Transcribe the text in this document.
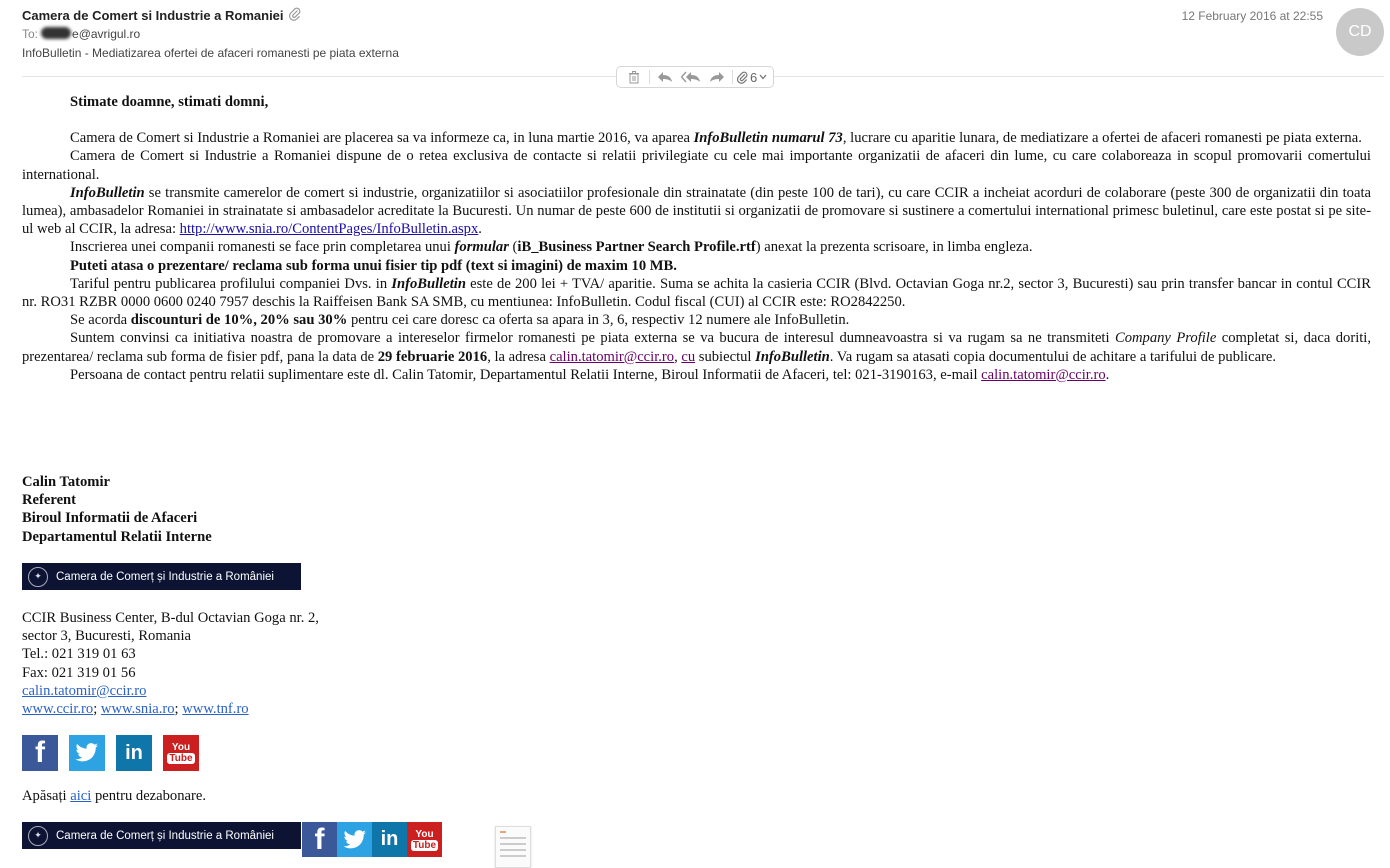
Camera de Comert si Industrie a Romaniei	12 February 2016 at 22:55
CD
To:	e@avrigul.ro
InfoBulletin - Mediatizarea ofertei de afaceri romanesti pe piata externa
6

Stimate doamne, stimati domni,

Camera de Comert si Industrie a Romaniei are placerea sa va informeze ca, in luna martie 2016, va aparea InfoBulletin numarul 73, lucrare cu aparitie lunara, de mediatizare a ofertei de afaceri romanesti pe piata externa.

Camera de Comert si Industrie a Romaniei dispune de o retea exclusiva de contacte si relatii privilegiate cu cele mai importante organizatii de afaceri din lume, cu care colaboreaza in scopul promovarii comertului international.

InfoBulletin se transmite camerelor de comert si industrie, organizatiilor si asociatiilor profesionale din strainatate (din peste 100 de tari), cu care CCIR a incheiat acorduri de colaborare (peste 300 de organizatii din toata lumea), ambasadelor Romaniei in strainatate si ambasadelor acreditate la Bucuresti. Un numar de peste 600 de institutii si organizatii de promovare si sustinere a comertului international primesc buletinul, care este postat si pe site-ul web al CCIR, la adresa: http://www.snia.ro/ContentPages/InfoBulletin.aspx.

Inscrierea unei companii romanesti se face prin completarea unui formular (iB_Business Partner Search Profile.rtf) anexat la prezenta scrisoare, in limba engleza.

Puteti atasa o prezentare/ reclama sub forma unui fisier tip pdf (text si imagini) de maxim 10 MB.

Tariful pentru publicarea profilului companiei Dvs. in InfoBulletin este de 200 lei + TVA/ aparitie. Suma se achita la casieria CCIR (Blvd. Octavian Goga nr.2, sector 3, Bucuresti) sau prin transfer bancar in contul CCIR nr. RO31 RZBR 0000 0600 0240 7957 deschis la Raiffeisen Bank SA SMB, cu mentiunea: InfoBulletin. Codul fiscal (CUI) al CCIR este: RO2842250.

Se acorda discounturi de 10%, 20% sau 30% pentru cei care doresc ca oferta sa apara in 3, 6, respectiv 12 numere ale InfoBulletin.

Suntem convinsi ca initiativa noastra de promovare a intereselor firmelor romanesti pe piata externa se va bucura de interesul dumneavoastra si va rugam sa ne transmiteti Company Profile completat si, daca doriti, prezentarea/ reclama sub forma de fisier pdf, pana la data de 29 februarie 2016, la adresa calin.tatomir@ccir.ro, cu subiectul InfoBulletin. Va rugam sa atasati copia documentului de achitare a tarifului de publicare.

Persoana de contact pentru relatii suplimentare este dl. Calin Tatomir, Departamentul Relatii Interne, Biroul Informatii de Afaceri, tel: 021-3190163, e-mail calin.tatomir@ccir.ro.

Calin Tatomir
Referent
Biroul Informatii de Afaceri
Departamentul Relatii Interne
✦	Camera de Comerț și Industrie a României
CCIR Business Center, B-dul Octavian Goga nr. 2,
sector 3, Bucuresti, Romania
Tel.: 021 319 01 63
Fax: 021 319 01 56
calin.tatomir@ccir.ro
www.ccir.ro; www.snia.ro; www.tnf.ro
f	in	You
Tube
Apăsați aici pentru dezabonare.
✦	Camera de Comerț și Industrie a României	f	in	You
Tube
